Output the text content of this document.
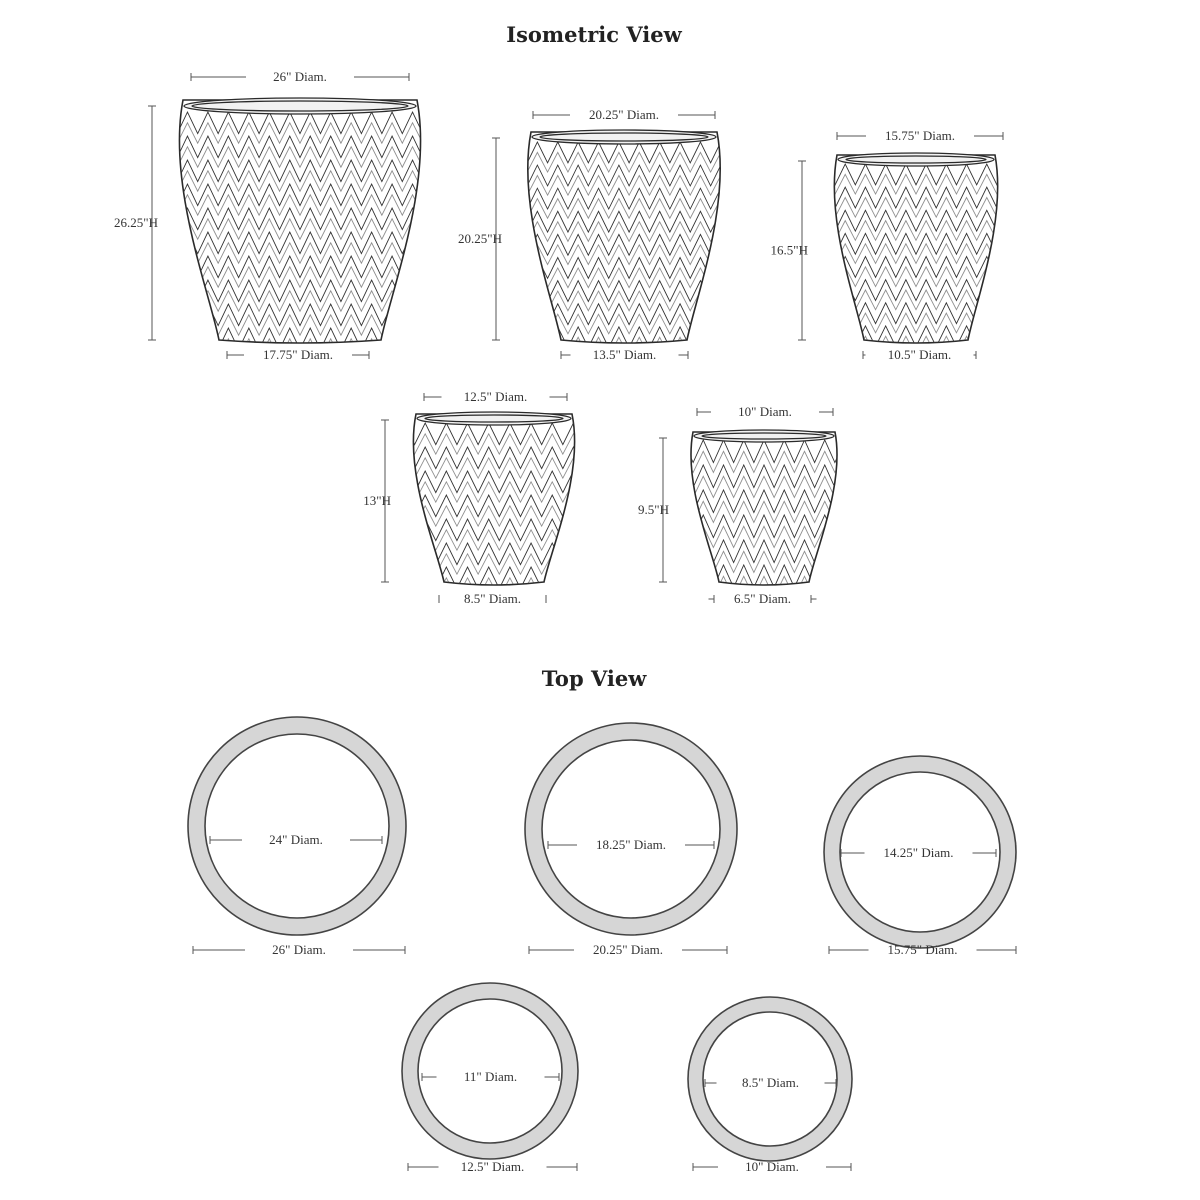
Isometric View
Top View
26" Diam.
17.75" Diam.
26.25"H
20.25" Diam.
13.5" Diam.
20.25"H
15.75" Diam.
10.5" Diam.
16.5"H
12.5" Diam.
8.5" Diam.
13"H
10" Diam.
6.5" Diam.
9.5"H
24" Diam.
26" Diam.
18.25" Diam.
20.25" Diam.
14.25" Diam.
15.75" Diam.
11" Diam.
12.5" Diam.
8.5" Diam.
10" Diam.
